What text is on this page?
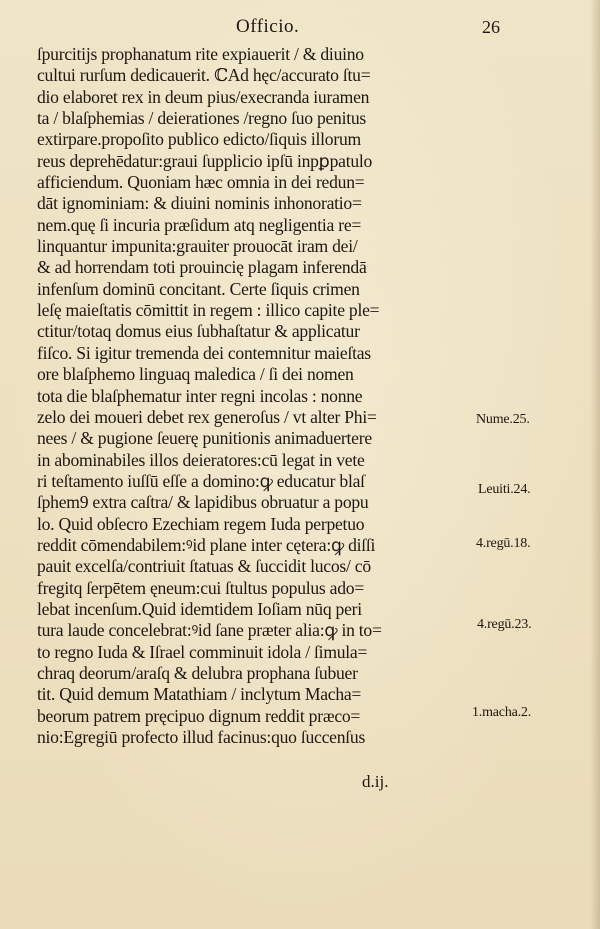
Officio.	26
ſpurcitijs prophanatum rite expiauerit / & diuino
cultui rurſum dedicauerit. ℂAd hęc/accurato ſtu=
dio elaboret rex in deum pius/execranda iuramen
ta / blaſphemias / deierationes /regno ſuo penitus
extirpare.propoſito publico edicto/ſiquis illorum
reus deprehēdatur:graui ſupplicio ipſū inpꝑpatulo
afficiendum. Quoniam hæc omnia in dei redun=
dāt ignominiam: & diuini nominis inhonoratio=
nem.quę ſi incuria præſidum atq negligentia re=
linquantur impunita:grauiter prouocāt iram dei/
& ad horrendam toti prouincię plagam inferendā
infenſum dominū concitant. Certe ſiquis crimen
leſę maieſtatis cōmittit in regem : illico capite ple=
ctitur/totaq domus eius ſubhaſtatur & applicatur
fiſco. Si igitur tremenda dei contemnitur maieſtas
ore blaſphemo linguaq maledica / ſi dei nomen
tota die blaſphematur inter regni incolas : nonne
zelo dei moueri debet rex generoſus / vt alter Phi=
nees / & pugione ſeuerę punitionis animaduertere
in abominabiles illos deieratores:cū legat in vete
ri teſtamento iuſſū eſſe a domino:ꝙ educatur blaſ
ſphem9 extra caſtra/ & lapidibus obruatur a popu
lo. Quid obſecro Ezechiam regem Iuda perpetuo
reddit cōmendabilem:ꝰid plane inter cętera:ꝙ diſſi
pauit excelſa/contriuit ſtatuas & ſuccidit lucos/ cō
fregitq ſerpētem ęneum:cui ſtultus populus ado=
lebat incenſum.Quid idemtidem Ioſiam nūq peri
tura laude concelebrat:ꝰid ſane præter alia:ꝙ in to=
to regno Iuda & Iſrael comminuit idola / ſimula=
chraq deorum/araſq & delubra prophana ſubuer
tit. Quid demum Matathiam / inclytum Macha=
beorum patrem pręcipuo dignum reddit præco=
nio:Egregiū profecto illud facinus:quo ſuccenſus
Nume.25.
Leuiti.24.
4.regū.18.
4.regū.23.
1.macha.2.
d.ij.
